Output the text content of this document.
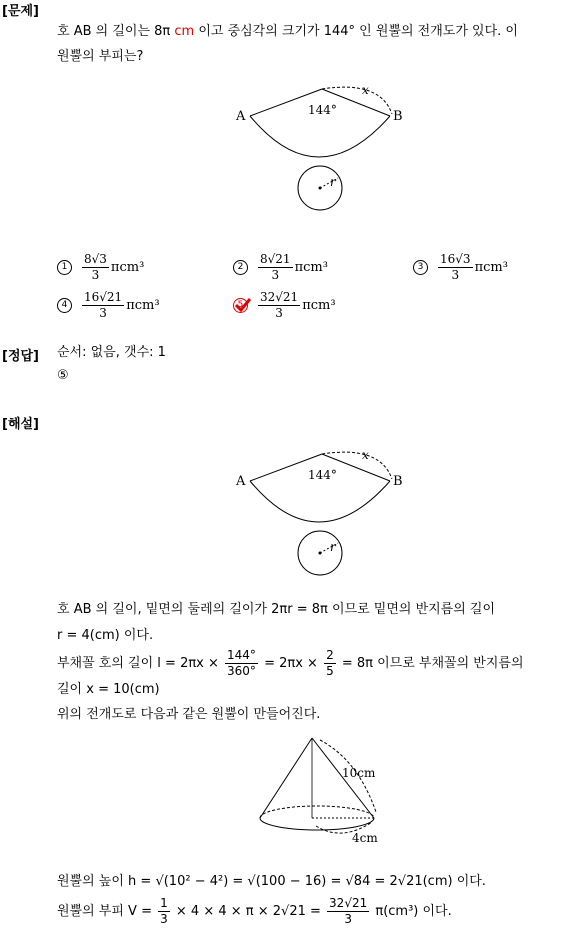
[문제]
호 AB 의 길이는 8π cm 이고 중심각의 크기가 144° 인 원뿔의 전개도가 있다. 이
원뿔의 부피는?
A	B
144°
x
r
$1 \frac{8√3}{3} \pi cm^3$	$2 \frac{8√21}{3} \pi cm^3$	$3 \frac{16√3}{3} \pi cm^3$
$4 \frac{16√21}{3} \pi cm^3$	$5 \frac{32√21}{3} \pi cm^3$
[정답] 순서: 없음, 갯수: 1
⑤
[해설]
A	B
144°
x
r
호 AB 의 길이, 밑면의 둘레의 길이가 2πr = 8π 이므로 밑면의 반지름의 길이
r = 4(cm) 이다.
부채꼴 호의 길이 $l = 2\pi x \times \frac{144^\circ}{360^\circ} = 2\pi x \times \frac{2}{5} = 8\pi$ 이므로 부채꼴의 반지름의
길이 x = 10(cm)
위의 전개도로 다음과 같은 원뿔이 만들어진다.
10cm
4cm
원뿔의 높이 h = √(10² − 4²) = √(100 − 16) = √84 = 2√21(cm) 이다.
원뿔의 부피 $V = \frac{1}{3} \times 4 \times 4 \times \pi \times 2√21 = \frac{32√21}{3} \pi(cm^3)$ 이다.
